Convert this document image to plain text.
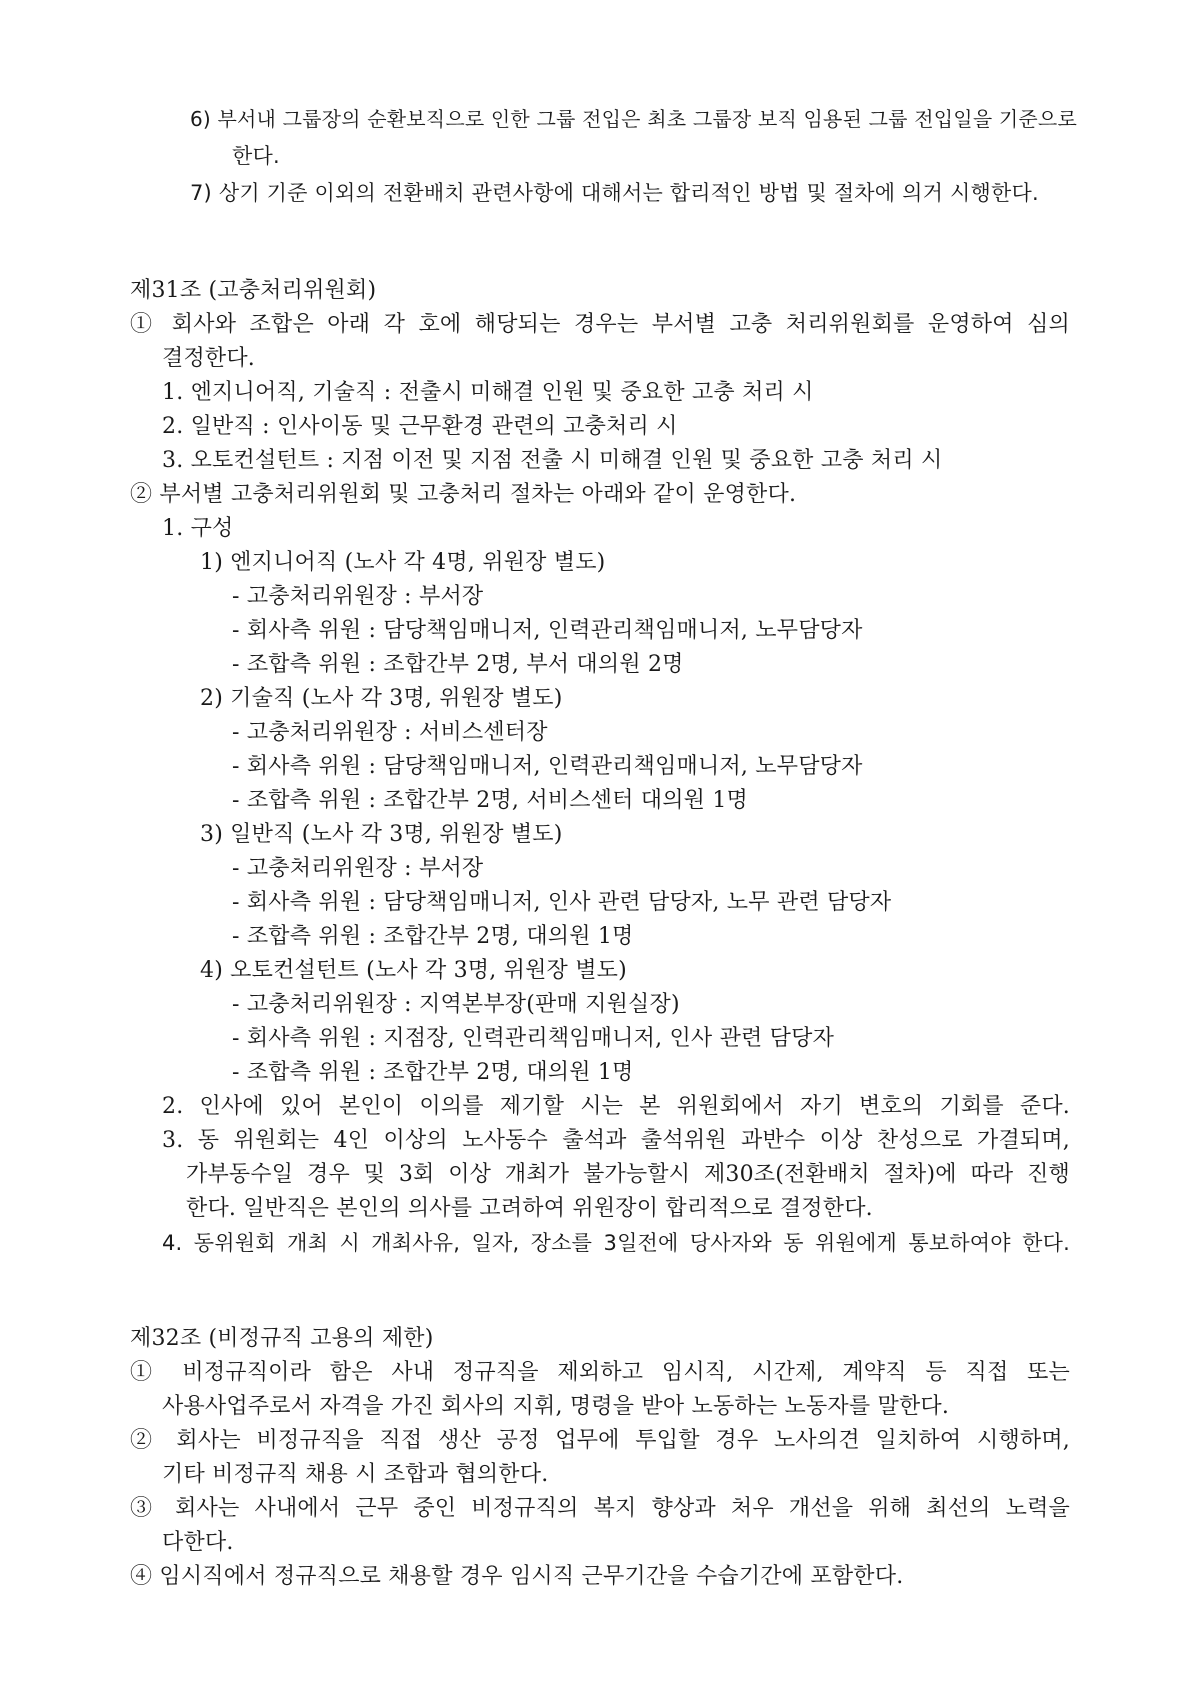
6) 부서내 그룹장의 순환보직으로 인한 그룹 전입은 최초 그룹장 보직 임용된 그룹 전입일을 기준으로
한다.
7) 상기 기준 이외의 전환배치 관련사항에 대해서는 합리적인 방법 및 절차에 의거 시행한다.
제31조 (고충처리위원회)
① 회사와 조합은 아래 각 호에 해당되는 경우는 부서별 고충 처리위원회를 운영하여 심의
결정한다.
1. 엔지니어직, 기술직 : 전출시 미해결 인원 및 중요한 고충 처리 시
2. 일반직 : 인사이동 및 근무환경 관련의 고충처리 시
3. 오토컨설턴트 : 지점 이전 및 지점 전출 시 미해결 인원 및 중요한 고충 처리 시
② 부서별 고충처리위원회 및 고충처리 절차는 아래와 같이 운영한다.
1. 구성
1) 엔지니어직 (노사 각 4명, 위원장 별도)
- 고충처리위원장 : 부서장
- 회사측 위원 : 담당책임매니저, 인력관리책임매니저, 노무담당자
- 조합측 위원 : 조합간부 2명, 부서 대의원 2명
2) 기술직 (노사 각 3명, 위원장 별도)
- 고충처리위원장 : 서비스센터장
- 회사측 위원 : 담당책임매니저, 인력관리책임매니저, 노무담당자
- 조합측 위원 : 조합간부 2명, 서비스센터 대의원 1명
3) 일반직 (노사 각 3명, 위원장 별도)
- 고충처리위원장 : 부서장
- 회사측 위원 : 담당책임매니저, 인사 관련 담당자, 노무 관련 담당자
- 조합측 위원 : 조합간부 2명, 대의원 1명
4) 오토컨설턴트 (노사 각 3명, 위원장 별도)
- 고충처리위원장 : 지역본부장(판매 지원실장)
- 회사측 위원 : 지점장, 인력관리책임매니저, 인사 관련 담당자
- 조합측 위원 : 조합간부 2명, 대의원 1명
2. 인사에 있어 본인이 이의를 제기할 시는 본 위원회에서 자기 변호의 기회를 준다.
3. 동 위원회는 4인 이상의 노사동수 출석과 출석위원 과반수 이상 찬성으로 가결되며,
가부동수일 경우 및 3회 이상 개최가 불가능할시 제30조(전환배치 절차)에 따라 진행
한다. 일반직은 본인의 의사를 고려하여 위원장이 합리적으로 결정한다.
4. 동위원회 개최 시 개최사유, 일자, 장소를 3일전에 당사자와 동 위원에게 통보하여야 한다.
제32조 (비정규직 고용의 제한)
① 비정규직이라 함은 사내 정규직을 제외하고 임시직, 시간제, 계약직 등 직접 또는
사용사업주로서 자격을 가진 회사의 지휘, 명령을 받아 노동하는 노동자를 말한다.
② 회사는 비정규직을 직접 생산 공정 업무에 투입할 경우 노사의견 일치하여 시행하며,
기타 비정규직 채용 시 조합과 협의한다.
③ 회사는 사내에서 근무 중인 비정규직의 복지 향상과 처우 개선을 위해 최선의 노력을
다한다.
④ 임시직에서 정규직으로 채용할 경우 임시직 근무기간을 수습기간에 포함한다.
